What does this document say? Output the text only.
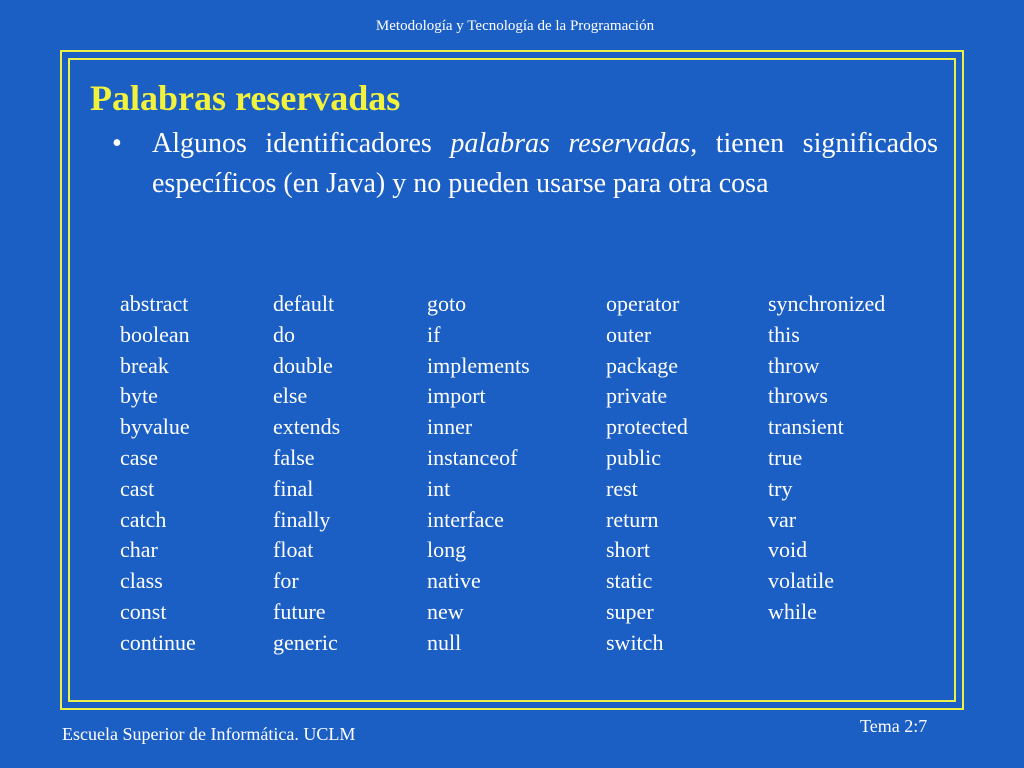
Metodología y Tecnología de la Programación
Palabras reservadas
• Algunos identificadores palabras reservadas, tienen significados específicos (en Java) y no pueden usarse para otra cosa
abstract
boolean
break
byte
byvalue
case
cast
catch
char
class
const
continue
default
do
double
else
extends
false
final
finally
float
for
future
generic
goto
if
implements
import
inner
instanceof
int
interface
long
native
new
null
operator
outer
package
private
protected
public
rest
return
short
static
super
switch
synchronized
this
throw
throws
transient
true
try
var
void
volatile
while
Escuela Superior de Informática. UCLM	Tema 2:7
